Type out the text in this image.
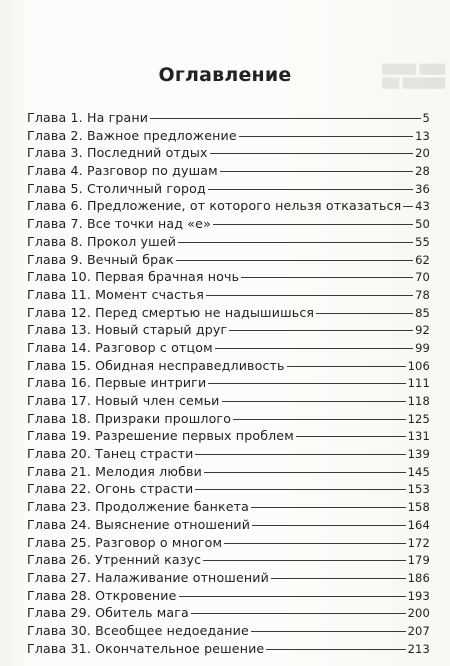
▇▇▇ ▇▇▇▇
▇▇▇▇▇ ▇▇
Оглавление
Глава 1. На грани	5
Глава 2. Важное предложение	13
Глава 3. Последний отдых	20
Глава 4. Разговор по душам	28
Глава 5. Столичный город	36
Глава 6. Предложение, от которого нельзя отказаться 43
Глава 7. Все точки над «е»	50
Глава 8. Прокол ушей	55
Глава 9. Вечный брак	62
Глава 10. Первая брачная ночь	70
Глава 11. Момент счастья	78
Глава 12. Перед смертью не надышишься	85
Глава 13. Новый старый друг	92
Глава 14. Разговор с отцом	99
Глава 15. Обидная несправедливость	106
Глава 16. Первые интриги	111
Глава 17. Новый член семьи	118
Глава 18. Призраки прошлого	125
Глава 19. Разрешение первых проблем	131
Глава 20. Танец страсти	139
Глава 21. Мелодия любви	145
Глава 22. Огонь страсти	153
Глава 23. Продолжение банкета	158
Глава 24. Выяснение отношений	164
Глава 25. Разговор о многом	172
Глава 26. Утренний казус	179
Глава 27. Налаживание отношений	186
Глава 28. Откровение	193
Глава 29. Обитель мага	200
Глава 30. Всеобщее недоедание	207
Глава 31. Окончательное решение	213
